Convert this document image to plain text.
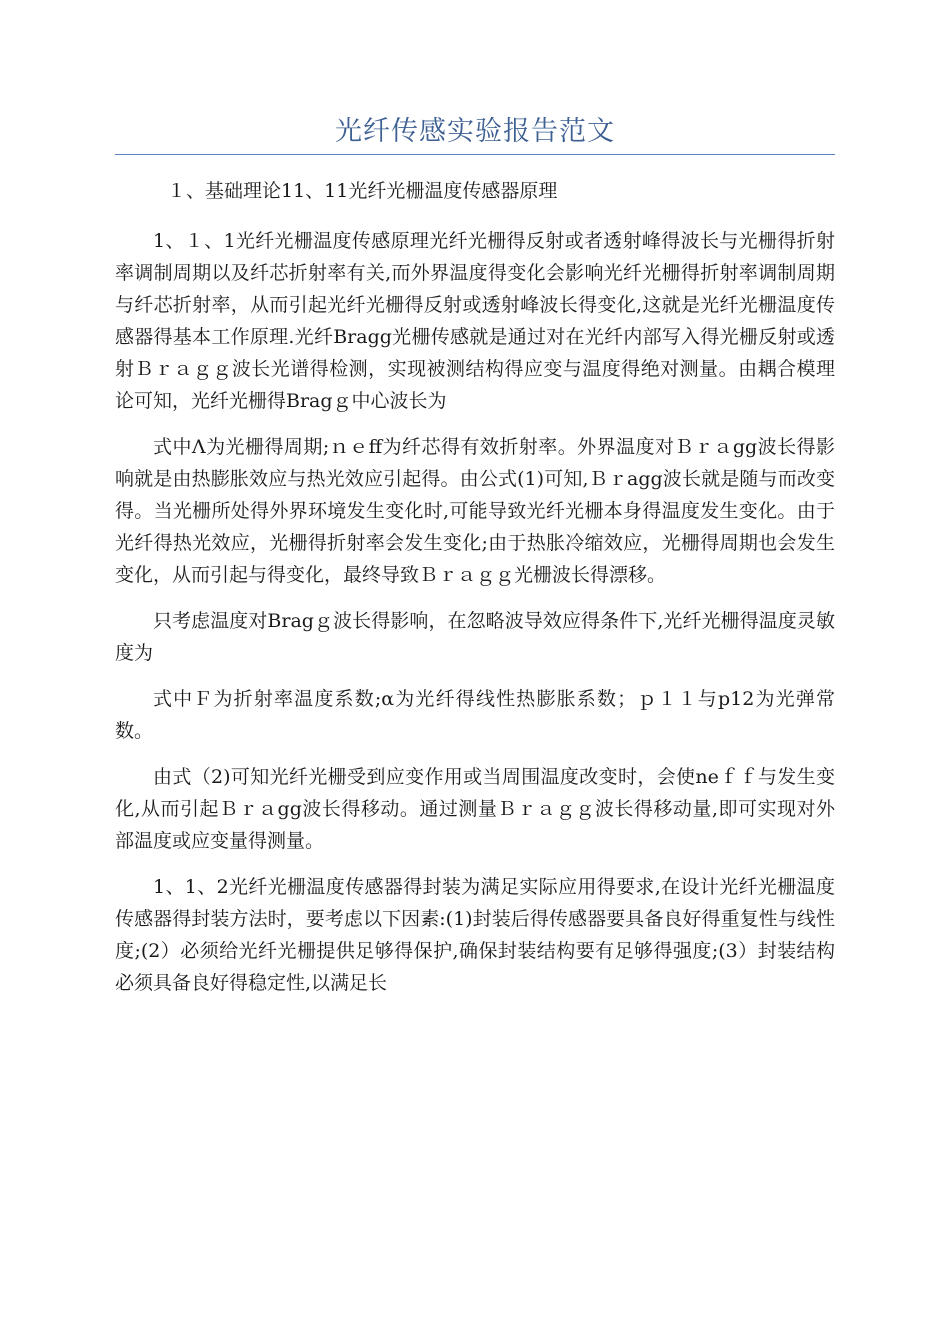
光纤传感实验报告范文

１、基础理论11、11光纤光栅温度传感器原理

1、１、1光纤光栅温度传感原理光纤光栅得反射或者透射峰得波长与光栅得折射率调制周期以及纤芯折射率有关,而外界温度得变化会影响光纤光栅得折射率调制周期与纤芯折射率，从而引起光纤光栅得反射或透射峰波长得变化,这就是光纤光栅温度传感器得基本工作原理.光纤Bragg光栅传感就是通过对在光纤内部写入得光栅反射或透射Ｂｒａｇｇ波长光谱得检测，实现被测结构得应变与温度得绝对测量。由耦合模理论可知，光纤光栅得Bragｇ中心波长为

式中Λ为光栅得周期;ｎｅff为纤芯得有效折射率。外界温度对Ｂｒａgg波长得影响就是由热膨胀效应与热光效应引起得。由公式(1)可知,Ｂｒagg波长就是随与而改变得。当光栅所处得外界环境发生变化时,可能导致光纤光栅本身得温度发生变化。由于光纤得热光效应，光栅得折射率会发生变化;由于热胀冷缩效应，光栅得周期也会发生变化，从而引起与得变化，最终导致Ｂｒａｇｇ光栅波长得漂移。

只考虑温度对Bragｇ波长得影响，在忽略波导效应得条件下,光纤光栅得温度灵敏度为

式中Ｆ为折射率温度系数;α为光纤得线性热膨胀系数；ｐ１１与p12为光弹常数。

由式（2)可知光纤光栅受到应变作用或当周围温度改变时，会使neｆｆ与发生变化,从而引起Ｂｒａgg波长得移动。通过测量Ｂｒａｇｇ波长得移动量,即可实现对外部温度或应变量得测量。

1、1、2光纤光栅温度传感器得封装为满足实际应用得要求,在设计光纤光栅温度传感器得封装方法时，要考虑以下因素:(1)封装后得传感器要具备良好得重复性与线性度;(2）必须给光纤光栅提供足够得保护,确保封装结构要有足够得强度;(3）封装结构必须具备良好得稳定性,以满足长
